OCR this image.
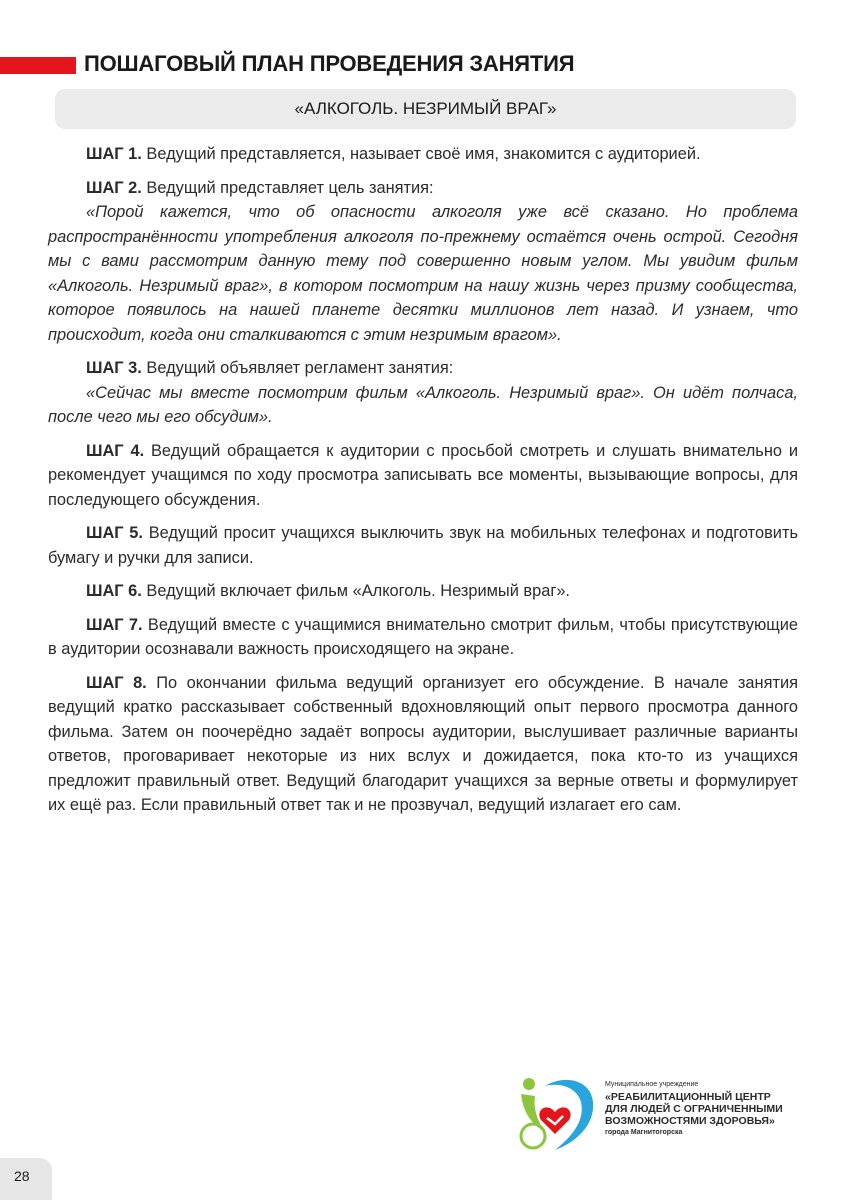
ПОШАГОВЫЙ ПЛАН ПРОВЕДЕНИЯ ЗАНЯТИЯ
«АЛКОГОЛЬ. НЕЗРИМЫЙ ВРАГ»

ШАГ 1. Ведущий представляется, называет своё имя, знакомится с аудиторией.

ШАГ 2. Ведущий представляет цель занятия:

«Порой кажется, что об опасности алкоголя уже всё сказано. Но проблема распространённости употребления алкоголя по-прежнему остаётся очень острой. Сегодня мы с вами рассмотрим данную тему под совершенно новым углом. Мы увидим фильм «Алкоголь. Незримый враг», в котором посмотрим на нашу жизнь через призму сообщества, которое появилось на нашей планете десятки миллионов лет назад. И узнаем, что происходит, когда они сталкиваются с этим незримым врагом».

ШАГ 3. Ведущий объявляет регламент занятия:

«Сейчас мы вместе посмотрим фильм «Алкоголь. Незримый враг». Он идёт полчаса, после чего мы его обсудим».

ШАГ 4. Ведущий обращается к аудитории с просьбой смотреть и слушать внимательно и рекомендует учащимся по ходу просмотра записывать все моменты, вызывающие вопросы, для последующего обсуждения.

ШАГ 5. Ведущий просит учащихся выключить звук на мобильных телефонах и подготовить бумагу и ручки для записи.

ШАГ 6. Ведущий включает фильм «Алкоголь. Незримый враг».

ШАГ 7. Ведущий вместе с учащимися внимательно смотрит фильм, чтобы присутствующие в аудитории осознавали важность происходящего на экране.

ШАГ 8. По окончании фильма ведущий организует его обсуждение. В начале занятия ведущий кратко рассказывает собственный вдохновляющий опыт первого просмотра данного фильма. Затем он поочерёдно задаёт вопросы аудитории, выслушивает различные варианты ответов, проговаривает некоторые из них вслух и дожидается, пока кто-то из учащихся предложит правильный ответ. Ведущий благодарит учащихся за верные ответы и формулирует их ещё раз. Если правильный ответ так и не прозвучал, ведущий излагает его сам.

Муниципальное учреждение
«РЕАБИЛИТАЦИОННЫЙ ЦЕНТР
ДЛЯ ЛЮДЕЙ С ОГРАНИЧЕННЫМИ
ВОЗМОЖНОСТЯМИ ЗДОРОВЬЯ»
города Магнитогорска
28
